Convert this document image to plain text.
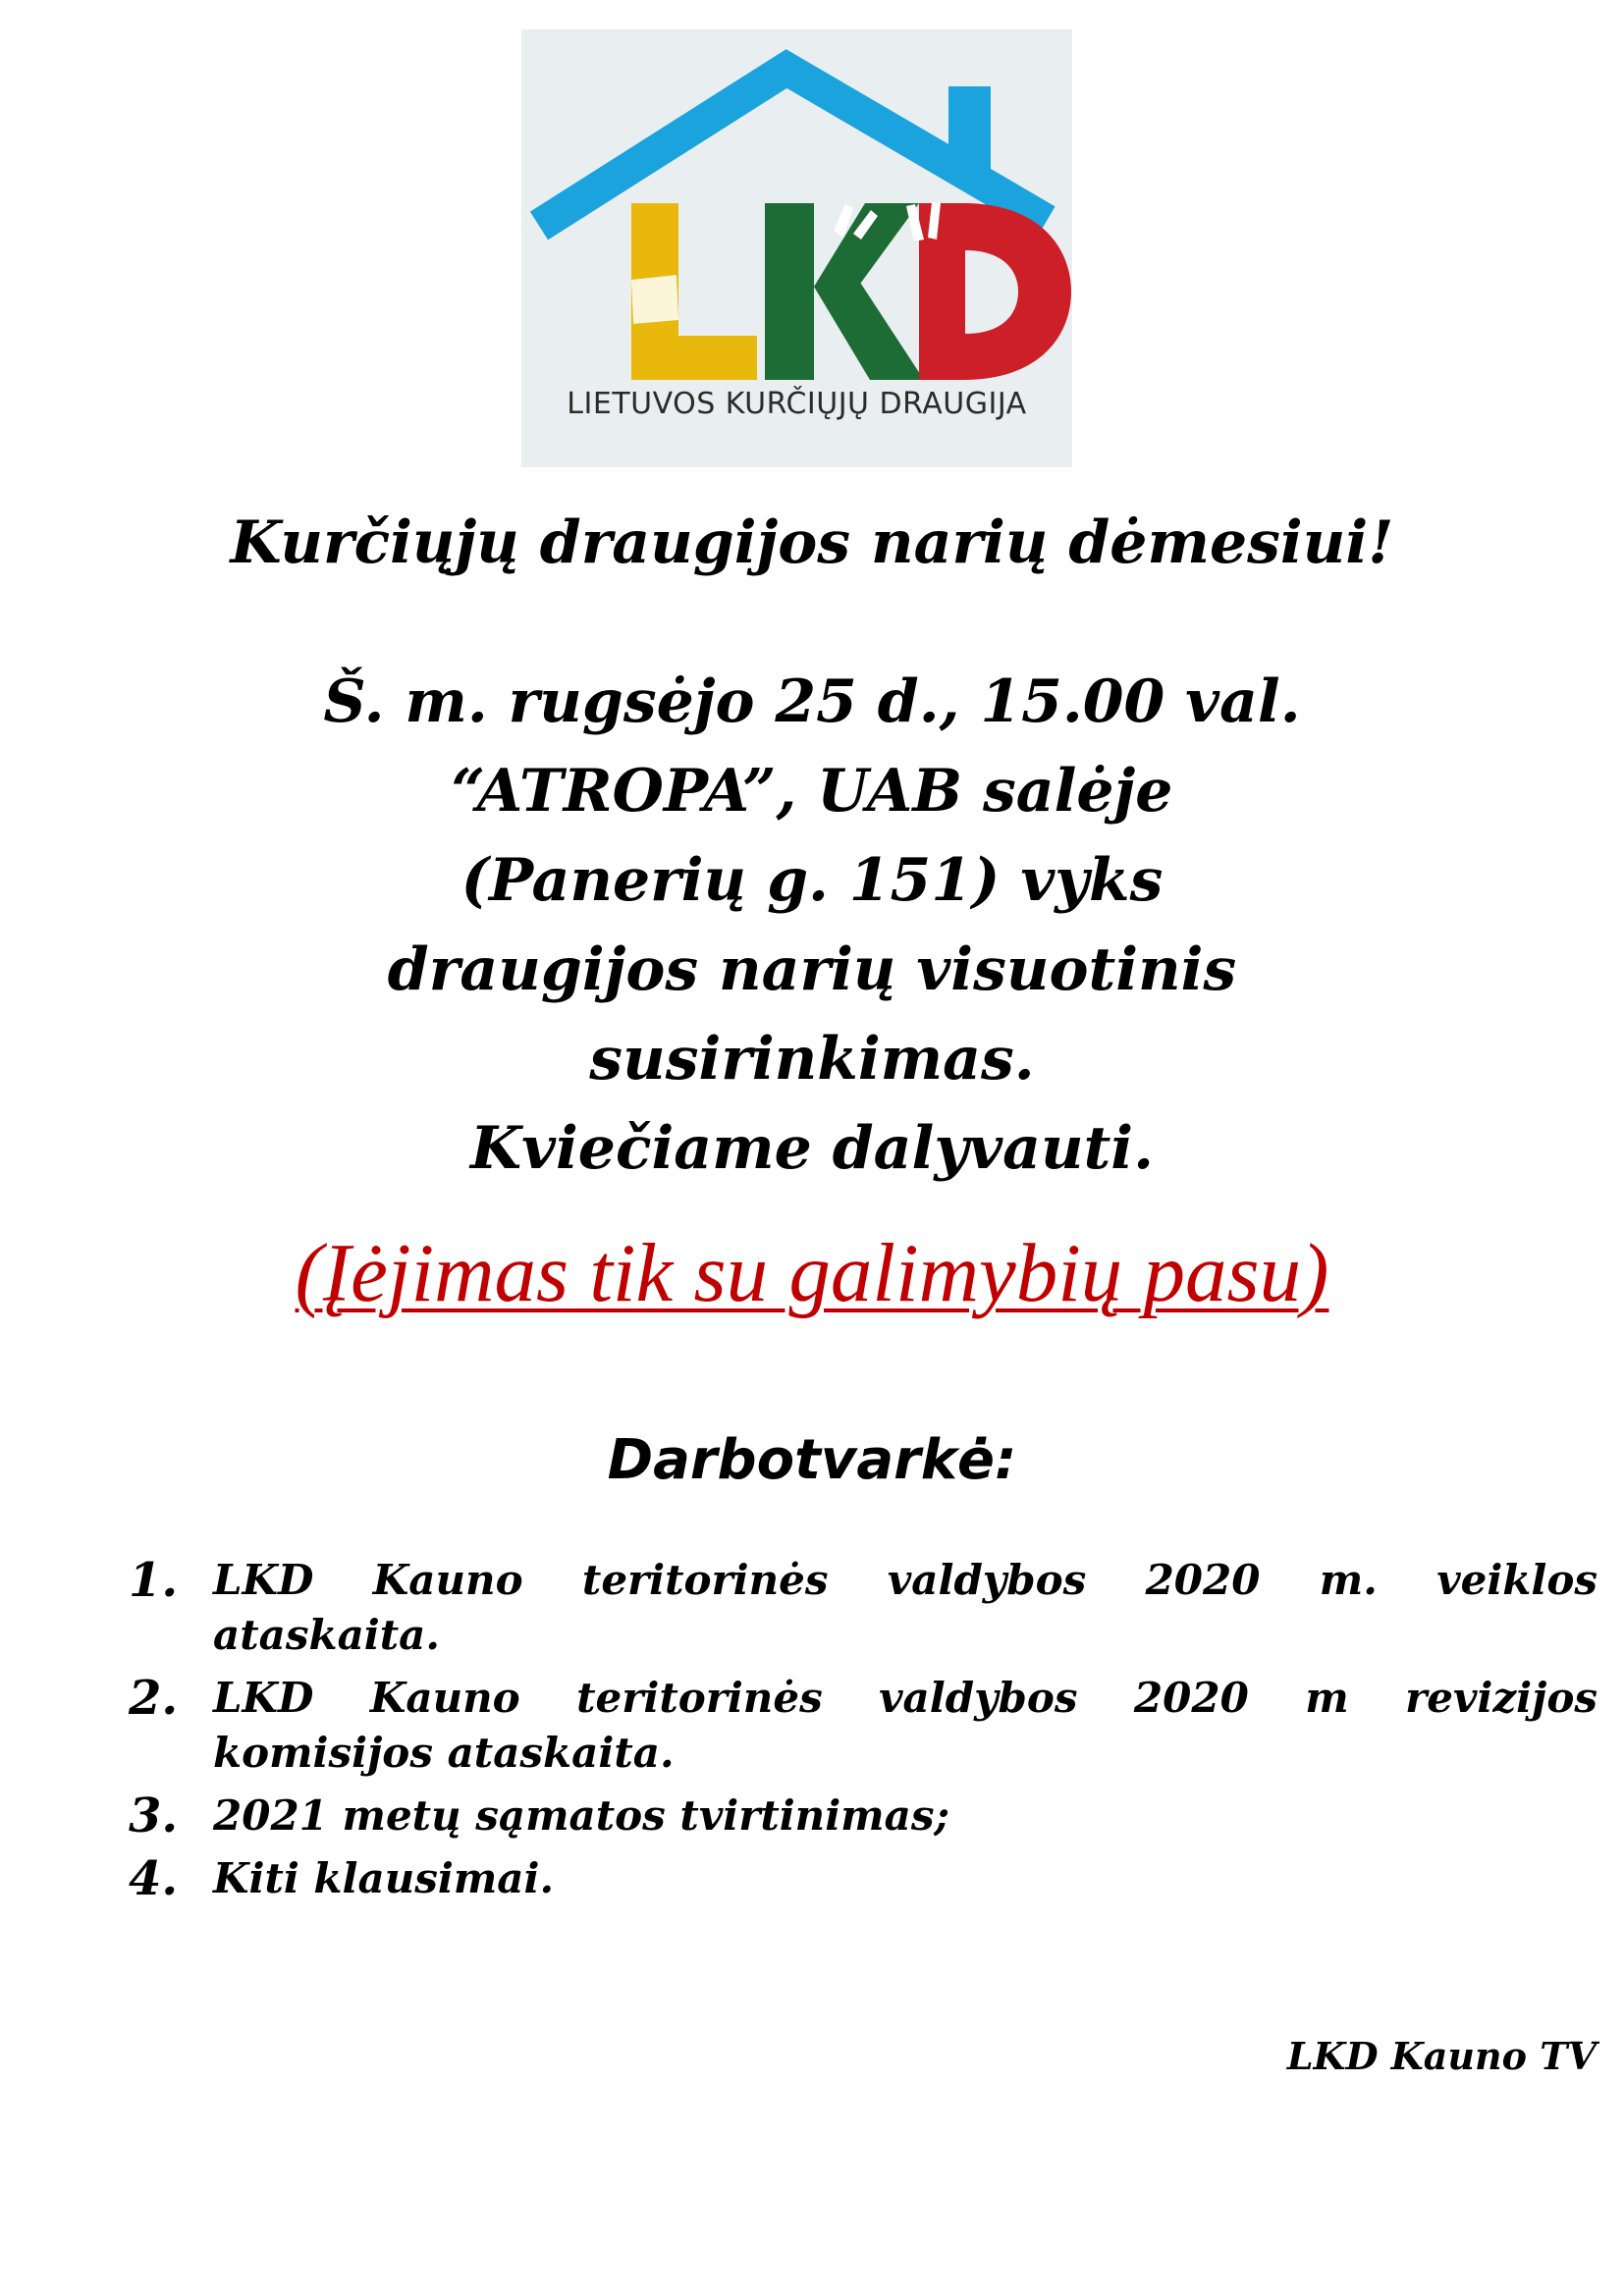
LIETUVOS KURČIŲJŲ DRAUGIJA
Kurčiųjų draugijos narių dėmesiui!
Š. m. rugsėjo 25 d., 15.00 val.
“ATROPA”, UAB salėje
(Panerių g. 151) vyks
draugijos narių visuotinis
susirinkimas.
Kviečiame dalyvauti.
(Įėjimas tik su galimybių pasu)
Darbotvarkė:
1. LKD Kauno teritorinės valdybos 2020 m. veiklos
ataskaita.
2. LKD Kauno teritorinės valdybos 2020 m revizijos
komisijos ataskaita.
3. 2021 metų sąmatos tvirtinimas;
4. Kiti klausimai.
LKD Kauno TV
